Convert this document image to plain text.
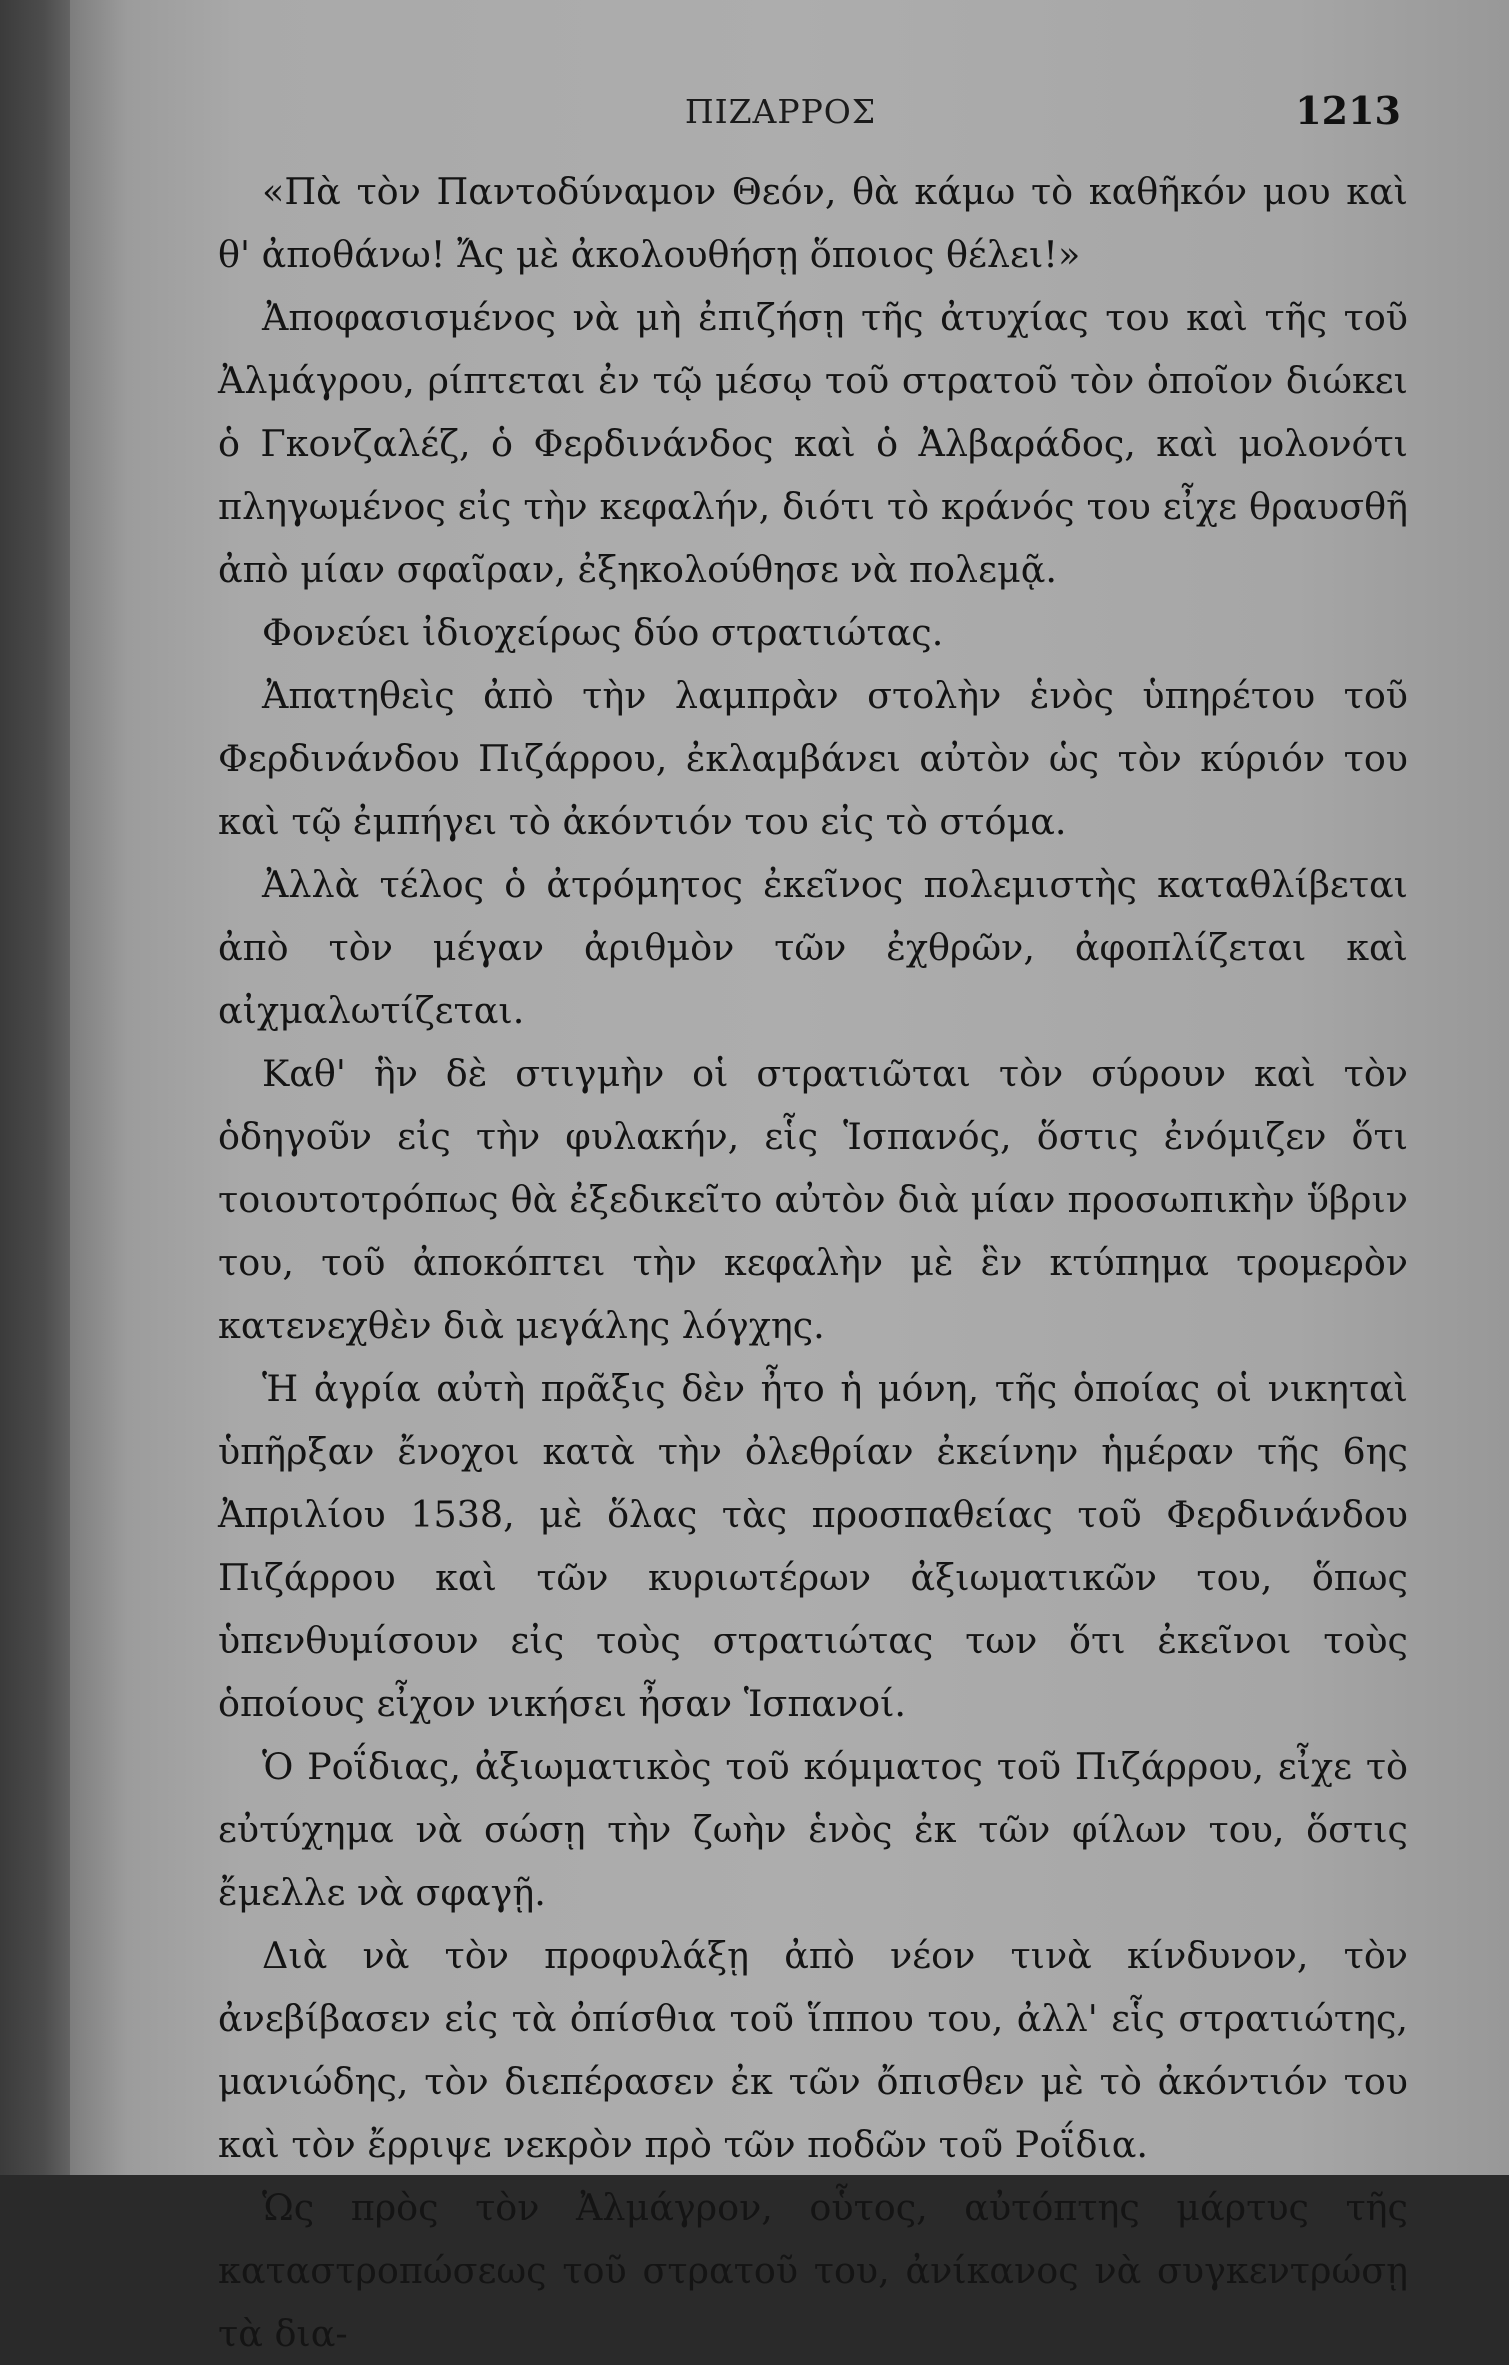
ΠΙΖΑΡΡΟΣ	1213

«Πὰ τὸν Παντοδύναμον Θεόν, θὰ κάμω τὸ καθῆκόν μου καὶ θ' ἀποθάνω! Ἄς μὲ ἀκολουθήσῃ ὅποιος θέλει!»

Ἀποφασισμένος νὰ μὴ ἐπιζήσῃ τῆς ἀτυχίας του καὶ τῆς τοῦ Ἀλμάγρου, ρίπτεται ἐν τῷ μέσῳ τοῦ στρατοῦ τὸν ὁποῖον διώκει ὁ Γκονζαλέζ, ὁ Φερδινάνδος καὶ ὁ Ἀλβαράδος, καὶ μολονότι πληγωμένος εἰς τὴν κεφαλήν, διότι τὸ κράνός του εἶχε θραυσθῆ ἀπὸ μίαν σφαῖραν, ἐξηκολούθησε νὰ πολεμᾷ.

Φονεύει ἰδιοχείρως δύο στρατιώτας.

Ἀπατηθεὶς ἀπὸ τὴν λαμπρὰν στολὴν ἑνὸς ὑπηρέτου τοῦ Φερδινάνδου Πιζάρρου, ἐκλαμβάνει αὐτὸν ὡς τὸν κύριόν του καὶ τῷ ἐμπήγει τὸ ἀκόντιόν του εἰς τὸ στόμα.

Ἀλλὰ τέλος ὁ ἀτρόμητος ἐκεῖνος πολεμιστὴς καταθλίβεται ἀπὸ τὸν μέγαν ἀριθμὸν τῶν ἐχθρῶν, ἀφοπλίζεται καὶ αἰχμαλωτίζεται.

Καθ' ἣν δὲ στιγμὴν οἱ στρατιῶται τὸν σύρουν καὶ τὸν ὁδηγοῦν εἰς τὴν φυλακήν, εἷς Ἱσπανός, ὅστις ἐνόμιζεν ὅτι τοιουτοτρόπως θὰ ἐξεδικεῖτο αὐτὸν διὰ μίαν προσωπικὴν ὕβριν του, τοῦ ἀποκόπτει τὴν κεφαλὴν μὲ ἓν κτύπημα τρομερὸν κατενεχθὲν διὰ μεγάλης λόγχης.

Ἡ ἀγρία αὐτὴ πρᾶξις δὲν ἦτο ἡ μόνη, τῆς ὁποίας οἱ νικηταὶ ὑπῆρξαν ἔνοχοι κατὰ τὴν ὀλεθρίαν ἐκείνην ἡμέραν τῆς 6ης Ἀπριλίου 1538, μὲ ὅλας τὰς προσπαθείας τοῦ Φερδινάνδου Πιζάρρου καὶ τῶν κυριωτέρων ἀξιωματικῶν του, ὅπως ὑπενθυμίσουν εἰς τοὺς στρατιώτας των ὅτι ἐκεῖνοι τοὺς ὁποίους εἶχον νικήσει ἦσαν Ἱσπανοί.

Ὁ Ροΐδιας, ἀξιωματικὸς τοῦ κόμματος τοῦ Πιζάρρου, εἶχε τὸ εὐτύχημα νὰ σώσῃ τὴν ζωὴν ἑνὸς ἐκ τῶν φίλων του, ὅστις ἔμελλε νὰ σφαγῇ.

Διὰ νὰ τὸν προφυλάξῃ ἀπὸ νέον τινὰ κίνδυνον, τὸν ἀνεβίβασεν εἰς τὰ ὀπίσθια τοῦ ἵππου του, ἀλλ' εἷς στρατιώτης, μανιώδης, τὸν διεπέρασεν ἐκ τῶν ὄπισθεν μὲ τὸ ἀκόντιόν του καὶ τὸν ἔρριψε νεκρὸν πρὸ τῶν ποδῶν τοῦ Ροΐδια.

Ὡς πρὸς τὸν Ἀλμάγρον, οὗτος, αὐτόπτης μάρτυς τῆς καταστροπώσεως τοῦ στρατοῦ του, ἀνίκανος νὰ συγκεντρώσῃ τὰ δια-
